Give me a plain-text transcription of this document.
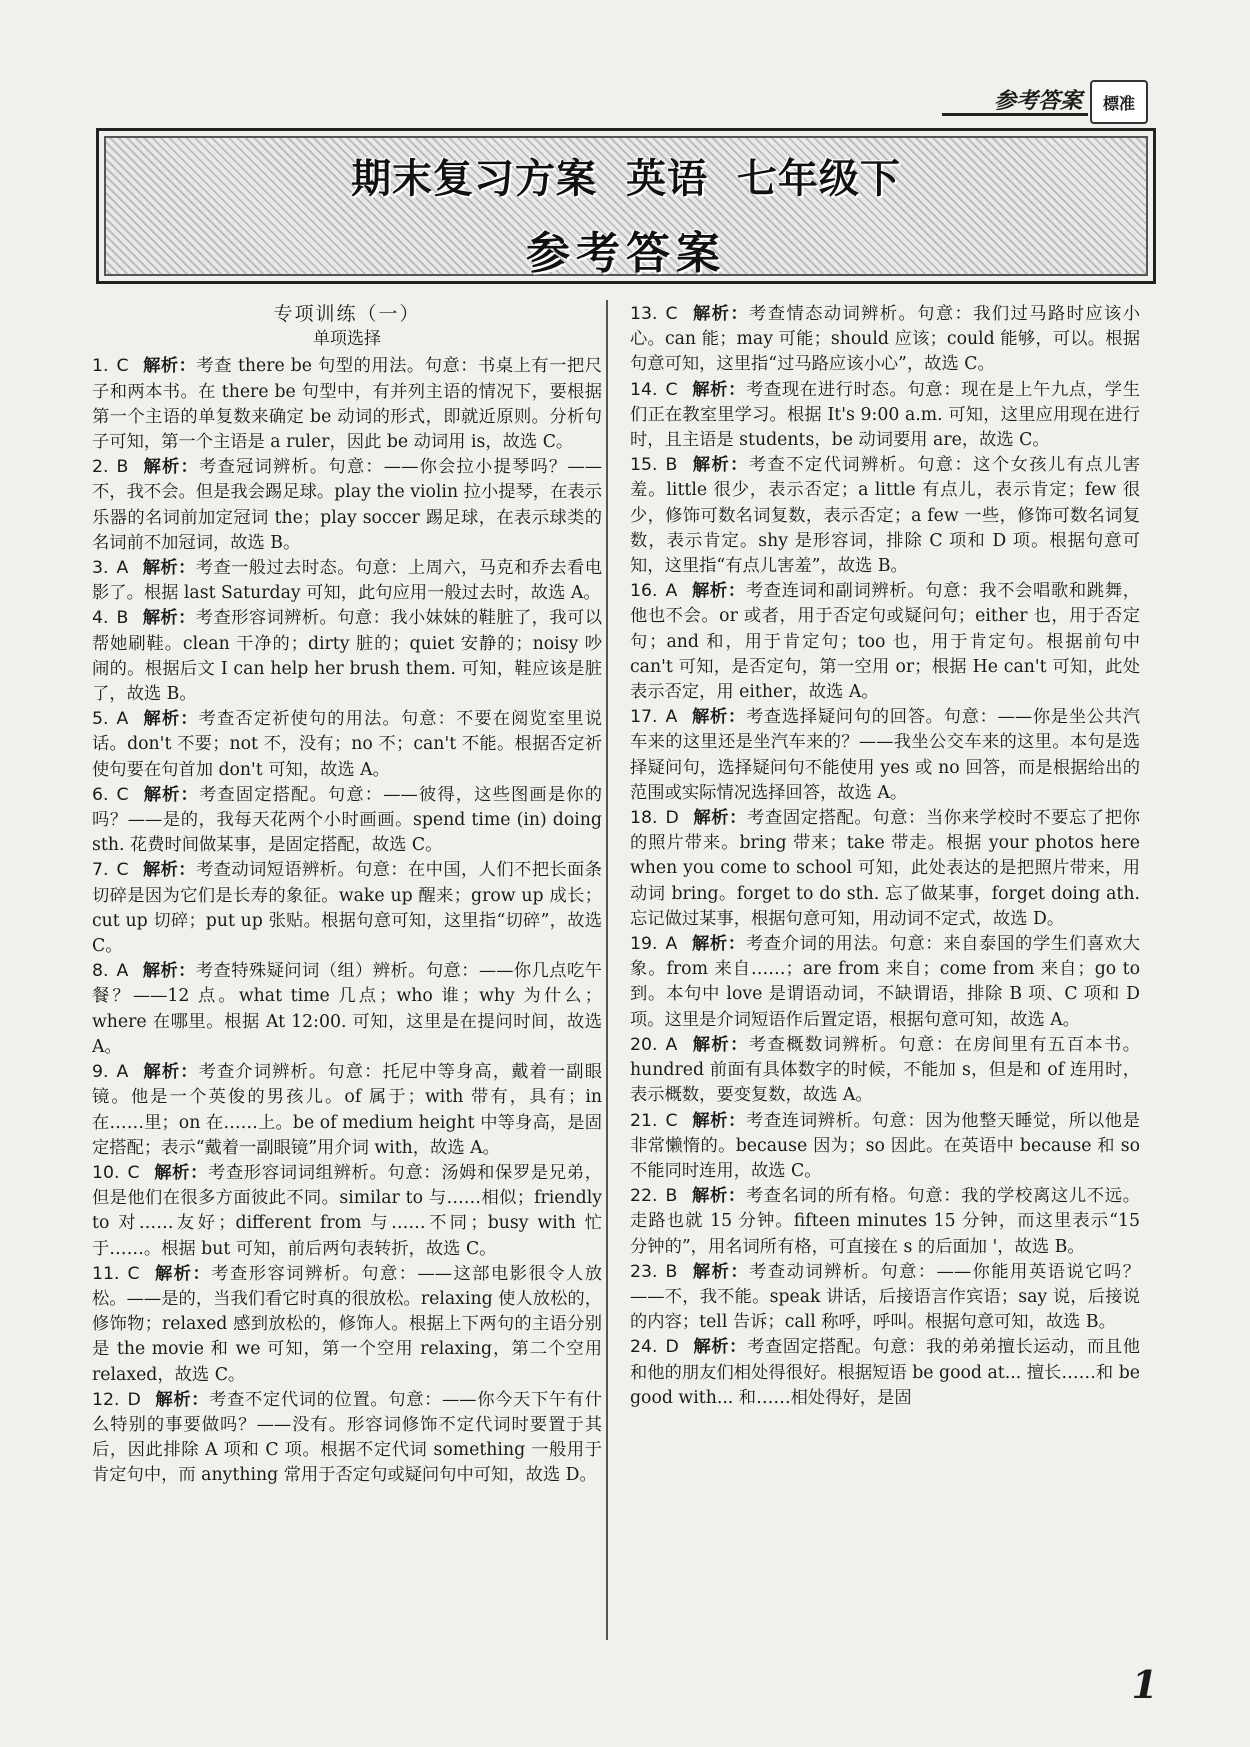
参考答案 標准
期末复习方案 英语 七年级下
参考答案
专项训练（一）
单项选择

1. C 解析：考查 there be 句型的用法。句意：书桌上有一把尺子和两本书。在 there be 句型中，有并列主语的情况下，要根据第一个主语的单复数来确定 be 动词的形式，即就近原则。分析句子可知，第一个主语是 a ruler，因此 be 动词用 is，故选 C。

2. B 解析：考查冠词辨析。句意：——你会拉小提琴吗？——不，我不会。但是我会踢足球。play the violin 拉小提琴，在表示乐器的名词前加定冠词 the；play soccer 踢足球，在表示球类的名词前不加冠词，故选 B。

3. A 解析：考查一般过去时态。句意：上周六，马克和乔去看电影了。根据 last Saturday 可知，此句应用一般过去时，故选 A。

4. B 解析：考查形容词辨析。句意：我小妹妹的鞋脏了，我可以帮她刷鞋。clean 干净的；dirty 脏的；quiet 安静的；noisy 吵闹的。根据后文 I can help her brush them. 可知，鞋应该是脏了，故选 B。

5. A 解析：考查否定祈使句的用法。句意：不要在阅览室里说话。don't 不要；not 不，没有；no 不；can't 不能。根据否定祈使句要在句首加 don't 可知，故选 A。

6. C 解析：考查固定搭配。句意：——彼得，这些图画是你的吗？——是的，我每天花两个小时画画。spend time (in) doing sth. 花费时间做某事，是固定搭配，故选 C。

7. C 解析：考查动词短语辨析。句意：在中国，人们不把长面条切碎是因为它们是长寿的象征。wake up 醒来；grow up 成长；cut up 切碎；put up 张贴。根据句意可知，这里指“切碎”，故选 C。

8. A 解析：考查特殊疑问词（组）辨析。句意：——你几点吃午餐？——12 点。what time 几点；who 谁；why 为什么；where 在哪里。根据 At 12:00. 可知，这里是在提问时间，故选 A。

9. A 解析：考查介词辨析。句意：托尼中等身高，戴着一副眼镜。他是一个英俊的男孩儿。of 属于；with 带有，具有；in 在……里；on 在……上。be of medium height 中等身高，是固定搭配；表示“戴着一副眼镜”用介词 with，故选 A。

10. C 解析：考查形容词词组辨析。句意：汤姆和保罗是兄弟，但是他们在很多方面彼此不同。similar to 与……相似；friendly to 对……友好；different from 与……不同；busy with 忙于……。根据 but 可知，前后两句表转折，故选 C。

11. C 解析：考查形容词辨析。句意：——这部电影很令人放松。——是的，当我们看它时真的很放松。relaxing 使人放松的，修饰物；relaxed 感到放松的，修饰人。根据上下两句的主语分别是 the movie 和 we 可知，第一个空用 relaxing，第二个空用 relaxed，故选 C。

12. D 解析：考查不定代词的位置。句意：——你今天下午有什么特别的事要做吗？——没有。形容词修饰不定代词时要置于其后，因此排除 A 项和 C 项。根据不定代词 something 一般用于肯定句中，而 anything 常用于否定句或疑问句中可知，故选 D。

13. C 解析：考查情态动词辨析。句意：我们过马路时应该小心。can 能；may 可能；should 应该；could 能够，可以。根据句意可知，这里指“过马路应该小心”，故选 C。

14. C 解析：考查现在进行时态。句意：现在是上午九点，学生们正在教室里学习。根据 It's 9:00 a.m. 可知，这里应用现在进行时，且主语是 students，be 动词要用 are，故选 C。

15. B 解析：考查不定代词辨析。句意：这个女孩儿有点儿害羞。little 很少，表示否定；a little 有点儿，表示肯定；few 很少，修饰可数名词复数，表示否定；a few 一些，修饰可数名词复数，表示肯定。shy 是形容词，排除 C 项和 D 项。根据句意可知，这里指“有点儿害羞”，故选 B。

16. A 解析：考查连词和副词辨析。句意：我不会唱歌和跳舞，他也不会。or 或者，用于否定句或疑问句；either 也，用于否定句；and 和，用于肯定句；too 也，用于肯定句。根据前句中 can't 可知，是否定句，第一空用 or；根据 He can't 可知，此处表示否定，用 either，故选 A。

17. A 解析：考查选择疑问句的回答。句意：——你是坐公共汽车来的这里还是坐汽车来的？——我坐公交车来的这里。本句是选择疑问句，选择疑问句不能使用 yes 或 no 回答，而是根据给出的范围或实际情况选择回答，故选 A。

18. D 解析：考查固定搭配。句意：当你来学校时不要忘了把你的照片带来。bring 带来；take 带走。根据 your photos here when you come to school 可知，此处表达的是把照片带来，用动词 bring。forget to do sth. 忘了做某事，forget doing ath. 忘记做过某事，根据句意可知，用动词不定式，故选 D。

19. A 解析：考查介词的用法。句意：来自泰国的学生们喜欢大象。from 来自……；are from 来自；come from 来自；go to 到。本句中 love 是谓语动词，不缺谓语，排除 B 项、C 项和 D 项。这里是介词短语作后置定语，根据句意可知，故选 A。

20. A 解析：考查概数词辨析。句意：在房间里有五百本书。hundred 前面有具体数字的时候，不能加 s，但是和 of 连用时，表示概数，要变复数，故选 A。

21. C 解析：考查连词辨析。句意：因为他整天睡觉，所以他是非常懒惰的。because 因为；so 因此。在英语中 because 和 so 不能同时连用，故选 C。

22. B 解析：考查名词的所有格。句意：我的学校离这儿不远。走路也就 15 分钟。fifteen minutes 15 分钟，而这里表示“15 分钟的”，用名词所有格，可直接在 s 的后面加 '，故选 B。

23. B 解析：考查动词辨析。句意：——你能用英语说它吗？——不，我不能。speak 讲话，后接语言作宾语；say 说，后接说的内容；tell 告诉；call 称呼，呼叫。根据句意可知，故选 B。

24. D 解析：考查固定搭配。句意：我的弟弟擅长运动，而且他和他的朋友们相处得很好。根据短语 be good at... 擅长……和 be good with... 和……相处得好，是固

1
